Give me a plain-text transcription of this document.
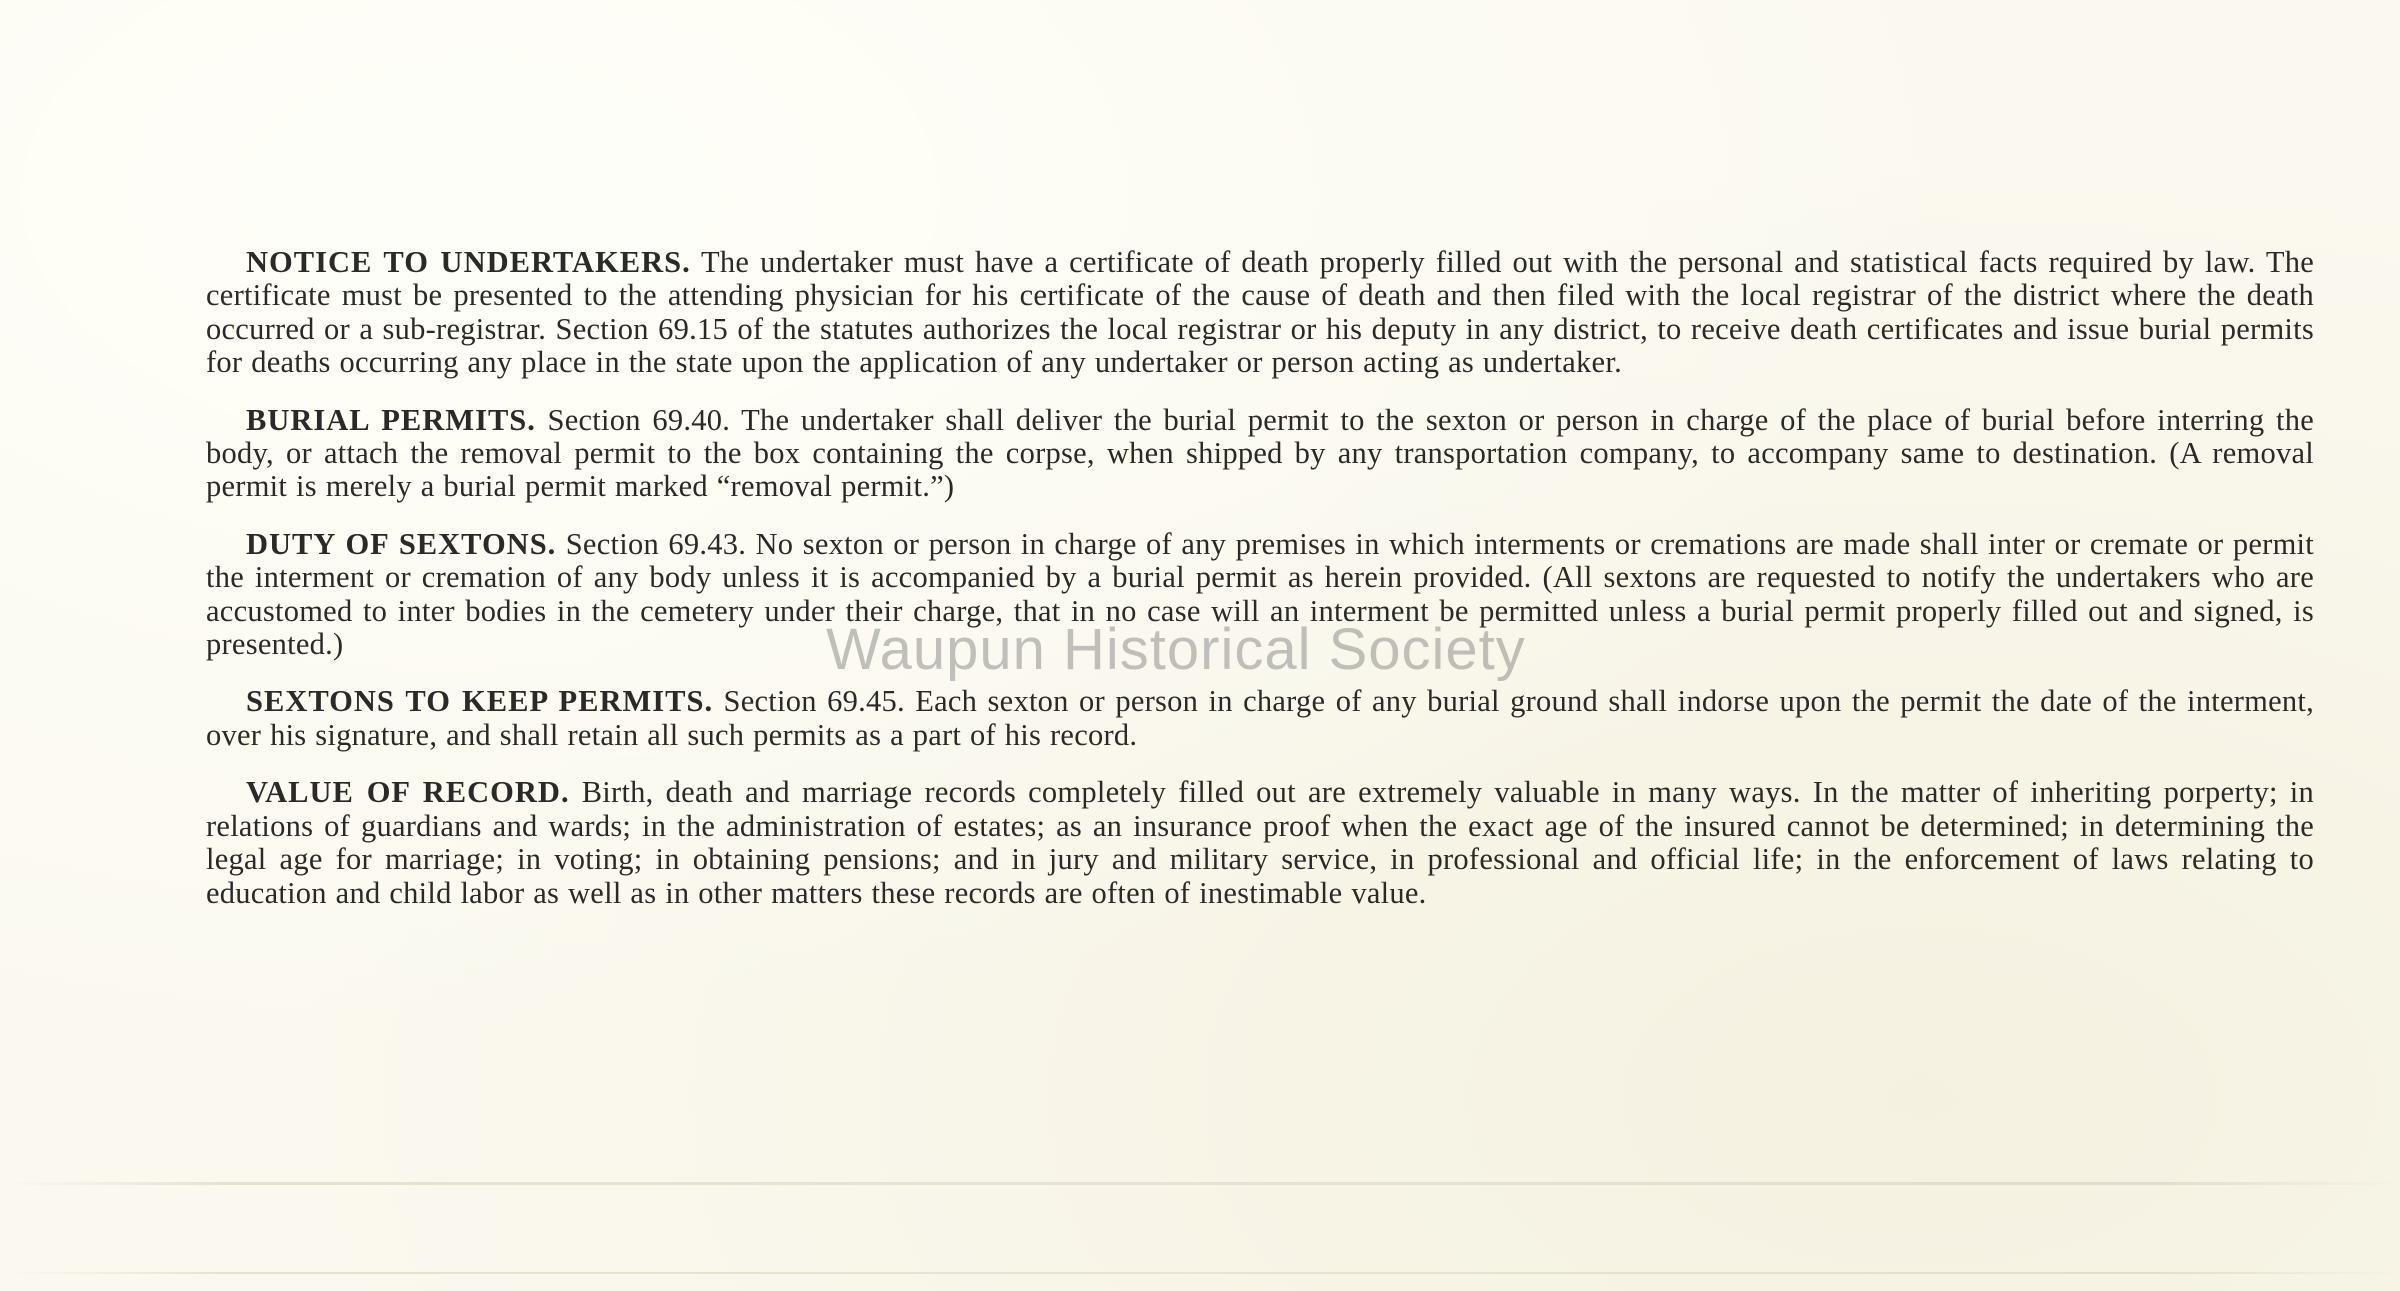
NOTICE TO UNDERTAKERS. The undertaker must have a certificate of death properly filled out with the personal and statistical facts required by law. The certificate must be presented to the attending physician for his certificate of the cause of death and then filed with the local registrar of the district where the death occurred or a sub-registrar. Section 69.15 of the statutes authorizes the local registrar or his deputy in any district, to receive death certificates and issue burial permits for deaths occurring any place in the state upon the application of any undertaker or person acting as undertaker.

BURIAL PERMITS. Section 69.40. The undertaker shall deliver the burial permit to the sexton or person in charge of the place of burial before interring the body, or attach the removal permit to the box containing the corpse, when shipped by any transportation company, to accompany same to destination. (A removal permit is merely a burial permit marked “removal permit.”)

DUTY OF SEXTONS. Section 69.43. No sexton or person in charge of any premises in which interments or cremations are made shall inter or cremate or permit the interment or cremation of any body unless it is accompanied by a burial permit as herein provided. (All sextons are requested to notify the undertakers who are accustomed to inter bodies in the cemetery under their charge, that in no case will an interment be permitted unless a burial permit properly filled out and signed, is presented.)

SEXTONS TO KEEP PERMITS. Section 69.45. Each sexton or person in charge of any burial ground shall indorse upon the permit the date of the interment, over his signature, and shall retain all such permits as a part of his record.

VALUE OF RECORD. Birth, death and marriage records completely filled out are extremely valuable in many ways. In the matter of inheriting porperty; in relations of guardians and wards; in the administration of estates; as an insurance proof when the exact age of the insured cannot be determined; in determining the legal age for marriage; in voting; in obtaining pensions; and in jury and military service, in professional and official life; in the enforcement of laws relating to education and child labor as well as in other matters these records are often of inestimable value.

Waupun Historical Society
